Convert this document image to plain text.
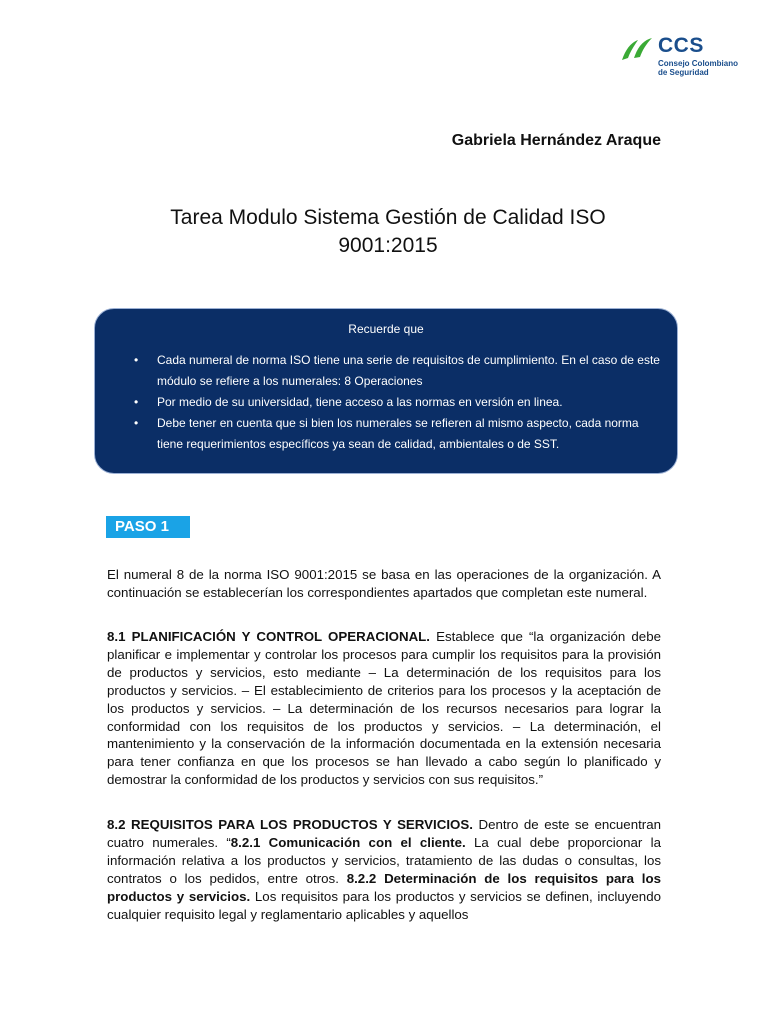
CCS
Consejo Colombiano
de Seguridad
Gabriela Hernández Araque
Tarea Modulo Sistema Gestión de Calidad ISO
9001:2015
Recuerde que
• Cada numeral de norma ISO tiene una serie de requisitos de cumplimiento. En el caso de este módulo se refiere a los numerales: 8 Operaciones
• Por medio de su universidad, tiene acceso a las normas en versión en linea.
• Debe tener en cuenta que si bien los numerales se refieren al mismo aspecto, cada norma tiene requerimientos específicos ya sean de calidad, ambientales o de SST.
PASO 1

El numeral 8 de la norma ISO 9001:2015 se basa en las operaciones de la organización. A continuación se establecerían los correspondientes apartados que completan este numeral.

8.1 PLANIFICACIÓN Y CONTROL OPERACIONAL. Establece que “la organización debe planificar e implementar y controlar los procesos para cumplir los requisitos para la provisión de productos y servicios, esto mediante – La determinación de los requisitos para los productos y servicios. – El establecimiento de criterios para los procesos y la aceptación de los productos y servicios. – La determinación de los recursos necesarios para lograr la conformidad con los requisitos de los productos y servicios. – La determinación, el mantenimiento y la conservación de la información documentada en la extensión necesaria para tener confianza en que los procesos se han llevado a cabo según lo planificado y demostrar la conformidad de los productos y servicios con sus requisitos.”

8.2 REQUISITOS PARA LOS PRODUCTOS Y SERVICIOS. Dentro de este se encuentran cuatro numerales. “8.2.1 Comunicación con el cliente. La cual debe proporcionar la información relativa a los productos y servicios, tratamiento de las dudas o consultas, los contratos o los pedidos, entre otros. 8.2.2 Determinación de los requisitos para los productos y servicios. Los requisitos para los productos y servicios se definen, incluyendo cualquier requisito legal y reglamentario aplicables y aquellos
